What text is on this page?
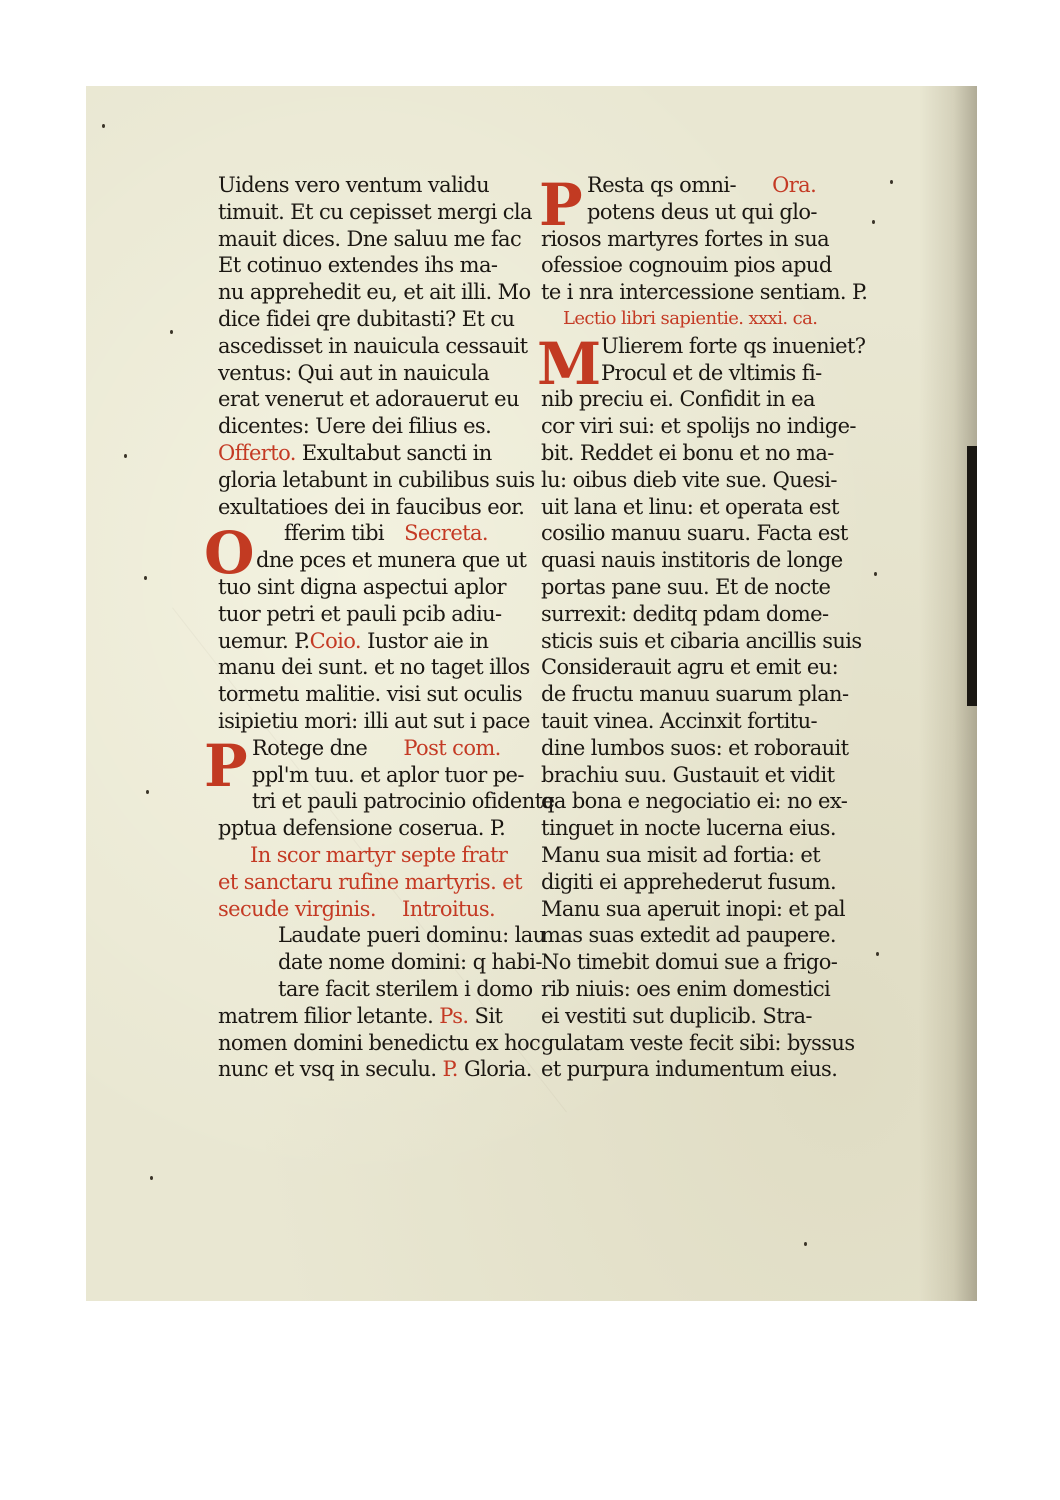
Uidens vero ventum validu
timuit. Et cu cepisset mergi cla
mauit dices. Dne saluu me fac
Et cotinuo extendes ihs ma-
nu apprehedit eu, et ait illi. Mo
dice fidei qre dubitasti? Et cu
ascedisset in nauicula cessauit
ventus: Qui aut in nauicula
erat venerut et adorauerut eu
dicentes: Uere dei filius es.
Offerto. Exultabut sancti in
gloria letabunt in cubilibus suis
exultatioes dei in faucibus eor.
O fferim tibi Secreta.
dne pces et munera que ut
tuo sint digna aspectui aplor
tuor petri et pauli pcib adiu-
uemur. P.Coio. Iustor aie in
manu dei sunt. et no taget illos
tormetu malitie. visi sut oculis
isipietiu mori: illi aut sut i pace
P Rotege dne Post com.
ppl'm tuu. et aplor tuor pe-
tri et pauli patrocinio ofidente
pptua defensione coserua. P.
In scor martyr septe fratr
et sanctaru rufine martyris. et
secude virginis. Introitus.
Laudate pueri dominu: lau
date nome domini: q habi-
tare facit sterilem i domo
matrem filior letante. Ps. Sit
nomen domini benedictu ex hoc
nunc et vsq in seculu. P. Gloria.
P Resta qs omni- Ora.
potens deus ut qui glo-
riosos martyres fortes in sua
ofessioe cognouim pios apud
te i nra intercessione sentiam. P.
Lectio libri sapientie. xxxi. ca.
M Ulierem forte qs inueniet?
Procul et de vltimis fi-
nib preciu ei. Confidit in ea
cor viri sui: et spolijs no indige-
bit. Reddet ei bonu et no ma-
lu: oibus dieb vite sue. Quesi-
uit lana et linu: et operata est
cosilio manuu suaru. Facta est
quasi nauis institoris de longe
portas pane suu. Et de nocte
surrexit: deditq pdam dome-
sticis suis et cibaria ancillis suis
Considerauit agru et emit eu:
de fructu manuu suarum plan-
tauit vinea. Accinxit fortitu-
dine lumbos suos: et roborauit
brachiu suu. Gustauit et vidit
qa bona e negociatio ei: no ex-
tinguet in nocte lucerna eius.
Manu sua misit ad fortia: et
digiti ei apprehederut fusum.
Manu sua aperuit inopi: et pal
mas suas extedit ad paupere.
No timebit domui sue a frigo-
rib niuis: oes enim domestici
ei vestiti sut duplicib. Stra-
gulatam veste fecit sibi: byssus
et purpura indumentum eius.
